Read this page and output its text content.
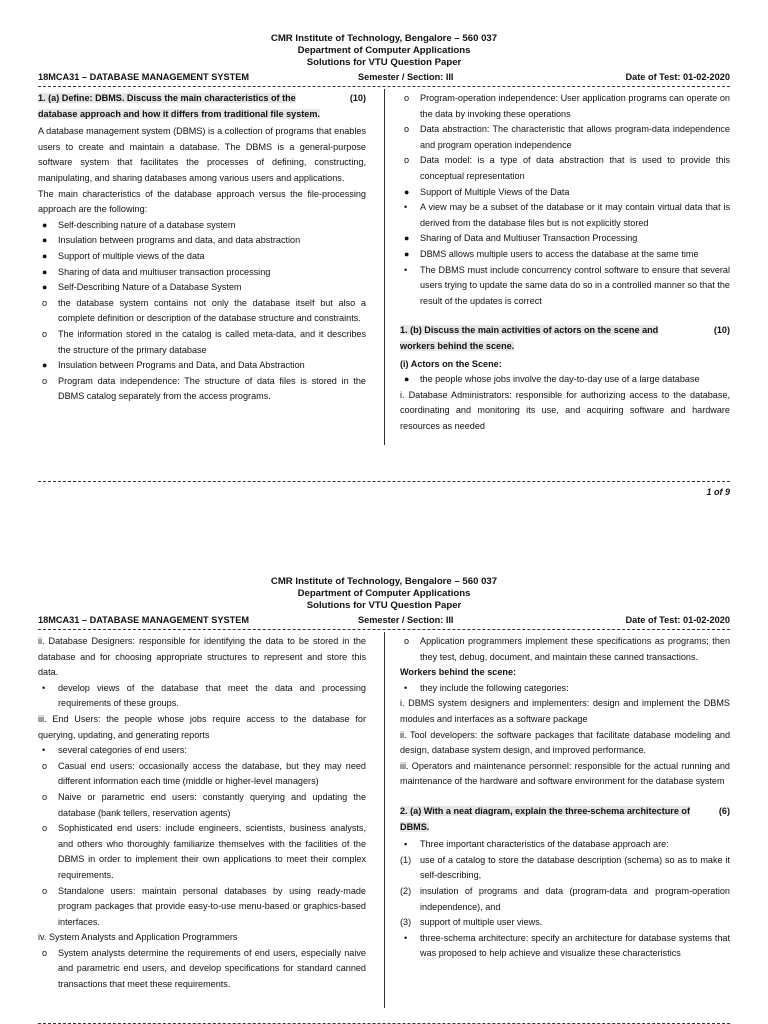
CMR Institute of Technology, Bengalore – 560 037
Department of Computer Applications
Solutions for VTU Question Paper
18MCA31 – DATABASE MANAGEMENT SYSTEM	Semester / Section: III	Date of Test: 01-02-2020
1. (a) Define: DBMS. Discuss the main characteristics of the database approach and how it differs from traditional file system.
(10)

A database management system (DBMS) is a collection of programs that enables users to create and maintain a database. The DBMS is a general-purpose software system that facilitates the processes of defining, constructing, manipulating, and sharing databases among various users and applications.

The main characteristics of the database approach versus the file-processing approach are the following:

● Self-describing nature of a database system
● Insulation between programs and data, and data abstraction
● Support of multiple views of the data
● Sharing of data and multiuser transaction processing
● Self-Describing Nature of a Database System
o the database system contains not only the database itself but also a complete definition or description of the database structure and constraints.
o The information stored in the catalog is called meta-data, and it describes the structure of the primary database
● Insulation between Programs and Data, and Data Abstraction
o Program data independence: The structure of data files is stored in the DBMS catalog separately from the access programs.
o Program-operation independence: User application programs can operate on the data by invoking these operations
o Data abstraction: The characteristic that allows program-data independence and program operation independence
o Data model: is a type of data abstraction that is used to provide this conceptual representation
● Support of Multiple Views of the Data
• A view may be a subset of the database or it may contain virtual data that is derived from the database files but is not explicitly stored
● Sharing of Data and Multiuser Transaction Processing
● DBMS allows multiple users to access the database at the same time
• The DBMS must include concurrency control software to ensure that several users trying to update the same data do so in a controlled manner so that the result of the updates is correct
1. (b) Discuss the main activities of actors on the scene and workers behind the scene.
(10)

(i) Actors on the Scene:

● the people whose jobs involve the day-to-day use of a large database

i. Database Administrators: responsible for authorizing access to the database, coordinating and monitoring its use, and acquiring software and hardware resources as needed

1 of 9
CMR Institute of Technology, Bengalore – 560 037
Department of Computer Applications
Solutions for VTU Question Paper
18MCA31 – DATABASE MANAGEMENT SYSTEM	Semester / Section: III	Date of Test: 01-02-2020

ii. Database Designers: responsible for identifying the data to be stored in the database and for choosing appropriate structures to represent and store this data.

• develop views of the database that meet the data and processing requirements of these groups.

iii. End Users: the people whose jobs require access to the database for querying, updating, and generating reports

• several categories of end users:
o Casual end users: occasionally access the database, but they may need different information each time (middle or higher-level managers)
o Naive or parametric end users: constantly querying and updating the database (bank tellers, reservation agents)
o Sophisticated end users: include engineers, scientists, business analysts, and others who thoroughly familiarize themselves with the facilities of the DBMS in order to implement their own applications to meet their complex requirements.
o Standalone users: maintain personal databases by using ready-made program packages that provide easy-to-use menu-based or graphics-based interfaces.

iv. System Analysts and Application Programmers

o System analysts determine the requirements of end users, especially naive and parametric end users, and develop specifications for standard canned transactions that meet these requirements.
o Application programmers implement these specifications as programs; then they test, debug, document, and maintain these canned transactions.

Workers behind the scene:

• they include the following categories:

i. DBMS system designers and implementers: design and implement the DBMS modules and interfaces as a software package

ii. Tool developers: the software packages that facilitate database modeling and design, database system design, and improved performance.

iii. Operators and maintenance personnel: responsible for the actual running and maintenance of the hardware and software environment for the database system

2. (a) With a neat diagram, explain the three-schema architecture of DBMS.
(6)
▪ Three important characteristics of the database approach are:
(1) use of a catalog to store the database description (schema) so as to make it self-describing,
(2) insulation of programs and data (program-data and program-operation independence), and
(3) support of multiple user views.
• three-schema architecture: specify an architecture for database systems that was proposed to help achieve and visualize these characteristics
